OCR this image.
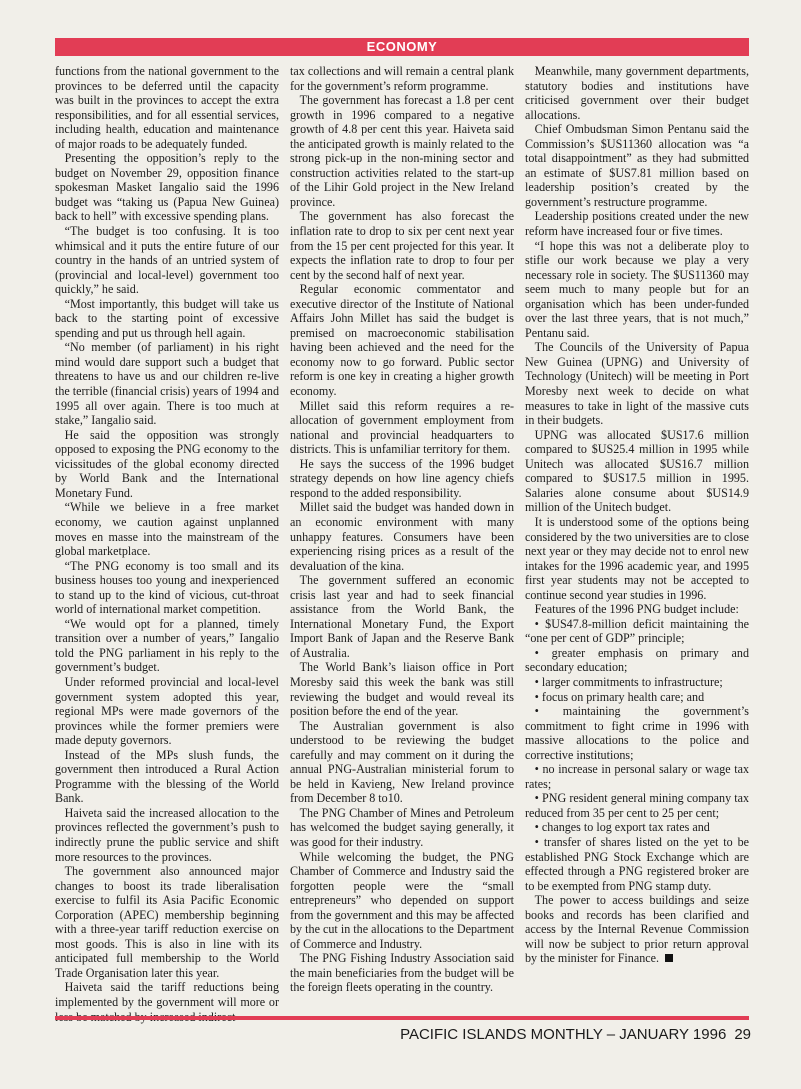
ECONOMY

functions from the national government to the provinces to be deferred until the capacity was built in the provinces to accept the extra responsibilities, and for all essential services, including health, education and maintenance of major roads to be adequately funded.

Presenting the opposition’s reply to the budget on November 29, opposition finance spokesman Masket Iangalio said the 1996 budget was “taking us (Papua New Guinea) back to hell” with excessive spending plans.

“The budget is too confusing. It is too whimsical and it puts the entire future of our country in the hands of an untried system of (provincial and local-level) government too quickly,” he said.

“Most importantly, this budget will take us back to the starting point of excessive spending and put us through hell again.

“No member (of parliament) in his right mind would dare support such a budget that threatens to have us and our children re-live the terrible (financial crisis) years of 1994 and 1995 all over again. There is too much at stake,” Iangalio said.

He said the opposition was strongly opposed to exposing the PNG economy to the vicissitudes of the global economy directed by World Bank and the International Monetary Fund.

“While we believe in a free market economy, we caution against unplanned moves en masse into the mainstream of the global marketplace.

“The PNG economy is too small and its business houses too young and inexperienced to stand up to the kind of vicious, cut-throat world of international market competition.

“We would opt for a planned, timely transition over a number of years,” Iangalio told the PNG parliament in his reply to the government’s budget.

Under reformed provincial and local-level government system adopted this year, regional MPs were made governors of the provinces while the former premiers were made deputy governors.

Instead of the MPs slush funds, the government then introduced a Rural Action Programme with the blessing of the World Bank.

Haiveta said the increased allocation to the provinces reflected the government’s push to indirectly prune the public service and shift more resources to the provinces.

The government also announced major changes to boost its trade liberalisation exercise to fulfil its Asia Pacific Economic Corporation (APEC) membership beginning with a three-year tariff reduction exercise on most goods. This is also in line with its anticipated full membership to the World Trade Organisation later this year.

Haiveta said the tariff reductions being implemented by the government will more or

tax collections and will remain a central plank for the government’s reform programme.

The government has forecast a 1.8 per cent growth in 1996 compared to a negative growth of 4.8 per cent this year. Haiveta said the anticipated growth is mainly related to the strong pick-up in the non-mining sector and construction activities related to the start-up of the Lihir Gold project in the New Ireland province.

The government has also forecast the inflation rate to drop to six per cent next year from the 15 per cent projected for this year. It expects the inflation rate to drop to four per cent by the second half of next year.

Regular economic commentator and executive director of the Institute of National Affairs John Millet has said the budget is premised on macroeconomic stabilisation having been achieved and the need for the economy now to go forward. Public sector reform is one key in creating a higher growth economy.

Millet said this reform requires a re-allocation of government employment from national and provincial headquarters to districts. This is unfamiliar territory for them.

He says the success of the 1996 budget strategy depends on how line agency chiefs respond to the added responsibility.

Millet said the budget was handed down in an economic environment with many unhappy features. Consumers have been experiencing rising prices as a result of the devaluation of the kina.

The government suffered an economic crisis last year and had to seek financial assistance from the World Bank, the International Monetary Fund, the Export Import Bank of Japan and the Reserve Bank of Australia.

The World Bank’s liaison office in Port Moresby said this week the bank was still reviewing the budget and would reveal its position before the end of the year.

The Australian government is also understood to be reviewing the budget carefully and may comment on it during the annual PNG-Australian ministerial forum to be held in Kavieng, New Ireland province from December 8 to10.

The PNG Chamber of Mines and Petroleum has welcomed the budget saying generally, it was good for their industry.

While welcoming the budget, the PNG Chamber of Commerce and Industry said the forgotten people were the “small entrepreneurs” who depended on support from the government and this may be affected by the cut in the allocations to the Department of Commerce and Industry.

The PNG Fishing Industry Association said the main beneficiaries from the budget will be the foreign fleets operating in the country.

Meanwhile, many government departments, statutory bodies and institutions have criticised government over their budget allocations.

Chief Ombudsman Simon Pentanu said the Commission’s $US11360 allocation was “a total disappointment” as they had submitted an estimate of $US7.81 million based on leadership position’s created by the government’s restructure programme.

Leadership positions created under the new reform have increased four or five times.

“I hope this was not a deliberate ploy to stifle our work because we play a very necessary role in society. The $US11360 may seem much to many people but for an organisation which has been under-funded over the last three years, that is not much,” Pentanu said.

The Councils of the University of Papua New Guinea (UPNG) and University of Technology (Unitech) will be meeting in Port Moresby next week to decide on what measures to take in light of the massive cuts in their budgets.

UPNG was allocated $US17.6 million compared to $US25.4 million in 1995 while Unitech was allocated $US16.7 million compared to $US17.5 million in 1995. Salaries alone consume about $US14.9 million of the Unitech budget.

It is understood some of the options being considered by the two universities are to close next year or they may decide not to enrol new intakes for the 1996 academic year, and 1995 first year students may not be accepted to continue second year studies in 1996.

Features of the 1996 PNG budget include:

• $US47.8-million deficit maintaining the “one per cent of GDP” principle;

• greater emphasis on primary and secondary education;

• larger commitments to infrastructure;

• focus on primary health care; and

• maintaining the government’s commitment to fight crime in 1996 with massive allocations to the police and corrective institutions;

• no increase in personal salary or wage tax rates;

• PNG resident general mining company tax reduced from 35 per cent to 25 per cent;

• changes to log export tax rates and

• transfer of shares listed on the yet to be established PNG Stock Exchange which are effected through a PNG registered broker are to be exempted from PNG stamp duty.

The power to access buildings and seize books and records has been clarified and access by the Internal Revenue Commission will now be subject to prior return approval by the minister for Finance.

PACIFIC ISLANDS MONTHLY – JANUARY 1996 29
